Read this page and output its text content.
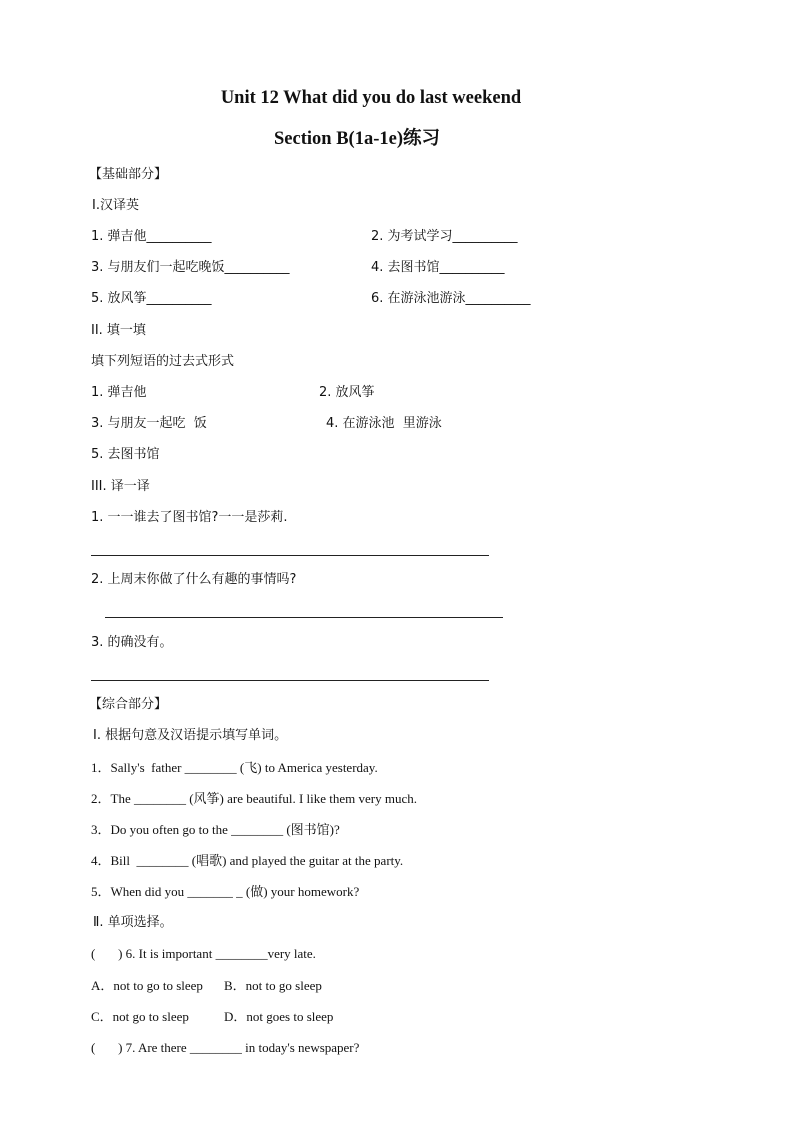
Unit 12 What did you do last weekend
Section B(1a-1e)练习
【基础部分】
Ⅰ.汉译英
1. 弹吉他__________	2. 为考试学习__________
3. 与朋友们一起吃晚饭__________	4. 去图书馆__________
5. 放风筝__________	6. 在游泳池游泳__________
II. 填一填
填下列短语的过去式形式
1. 弹吉他	2. 放风筝
3. 与朋友一起吃  饭	4. 在游泳池  里游泳
5. 去图书馆
III. 译一译
1. 一一谁去了图书馆?一一是莎莉.
2. 上周末你做了什么有趣的事情吗?
3. 的确没有。
【综合部分】
Ⅰ. 根据句意及汉语提示填写单词。
1．Sally's  father ________ (飞) to America yesterday.
2．The ________ (风筝) are beautiful. I like them very much.
3．Do you often go to the ________ (图书馆)?
4．Bill  ________ (唱歌) and played the guitar at the party.
5．When did you _______ _ (做) your homework?
Ⅱ. 单项选择。
(       ) 6. It is important ________very late.
A．not to go to sleep B．not to go sleep
C．not go to sleep	D．not goes to sleep
(       ) 7. Are there ________ in today's newspaper?
